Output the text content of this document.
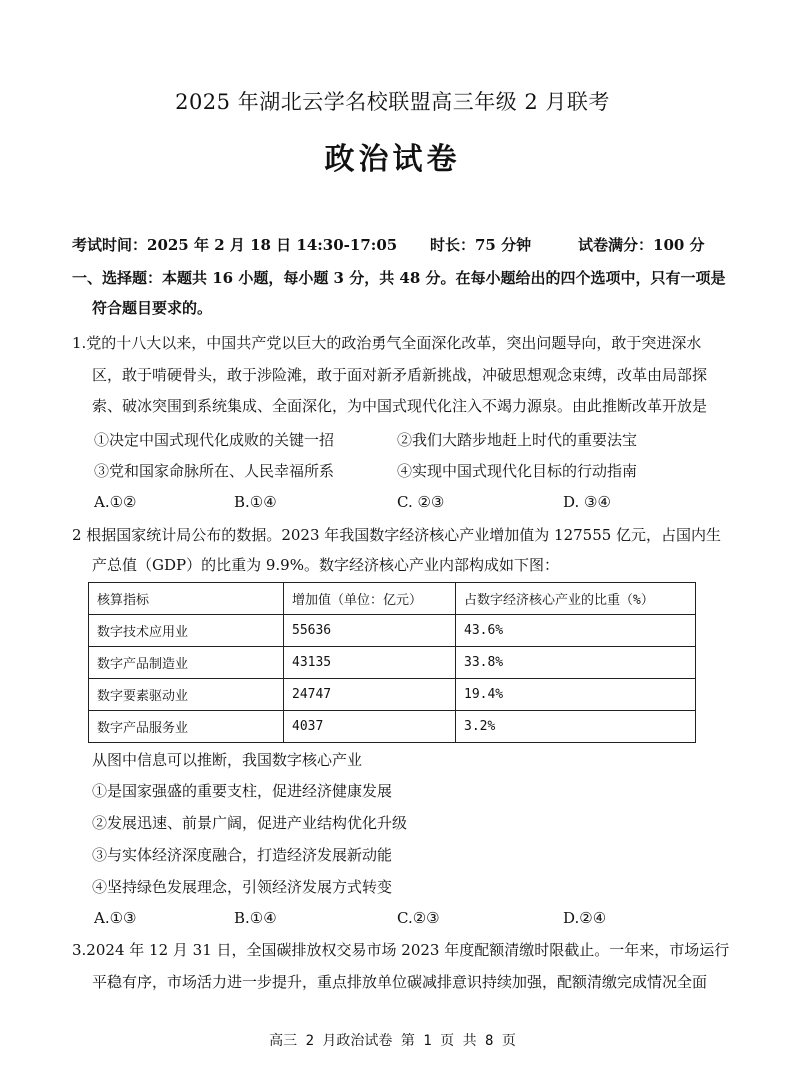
2025 年湖北云学名校联盟高三年级 2 月联考
政治试卷
考试时间：2025 年 2 月 18 日 14:30-17:05 时长：75 分钟	试卷满分：100 分
一、选择题：本题共 16 小题，每小题 3 分，共 48 分。在每小题给出的四个选项中，只有一项是
符合题目要求的。
1.党的十八大以来，中国共产党以巨大的政治勇气全面深化改革，突出问题导向，敢于突进深水
区，敢于啃硬骨头，敢于涉险滩，敢于面对新矛盾新挑战，冲破思想观念束缚，改革由局部探
索、破冰突围到系统集成、全面深化，为中国式现代化注入不竭力源泉。由此推断改革开放是
①决定中国式现代化成败的关键一招	②我们大踏步地赶上时代的重要法宝
③党和国家命脉所在、人民幸福所系	④实现中国式现代化目标的行动指南
A.①②	B.①④	C. ②③	D. ③④
2 根据国家统计局公布的数据。2023 年我国数字经济核心产业增加值为 127555 亿元，占国内生
产总值（GDP）的比重为 9.9%。数字经济核心产业内部构成如下图：
核算指标	增加值（单位：亿元）	占数字经济核心产业的比重（%）
数字技术应用业	55636	43.6%
数字产品制造业	43135	33.8%
数字要素驱动业	24747	19.4%
数字产品服务业	4037	3.2%
从图中信息可以推断，我国数字核心产业
①是国家强盛的重要支柱，促进经济健康发展
②发展迅速、前景广阔，促进产业结构优化升级
③与实体经济深度融合，打造经济发展新动能
④坚持绿色发展理念，引领经济发展方式转变
A.①③	B.①④	C.②③	D.②④
3.2024 年 12 月 31 日，全国碳排放权交易市场 2023 年度配额清缴时限截止。一年来，市场运行
平稳有序，市场活力进一步提升，重点排放单位碳减排意识持续加强，配额清缴完成情况全面
高三 2 月政治试卷 第 1 页 共 8 页
